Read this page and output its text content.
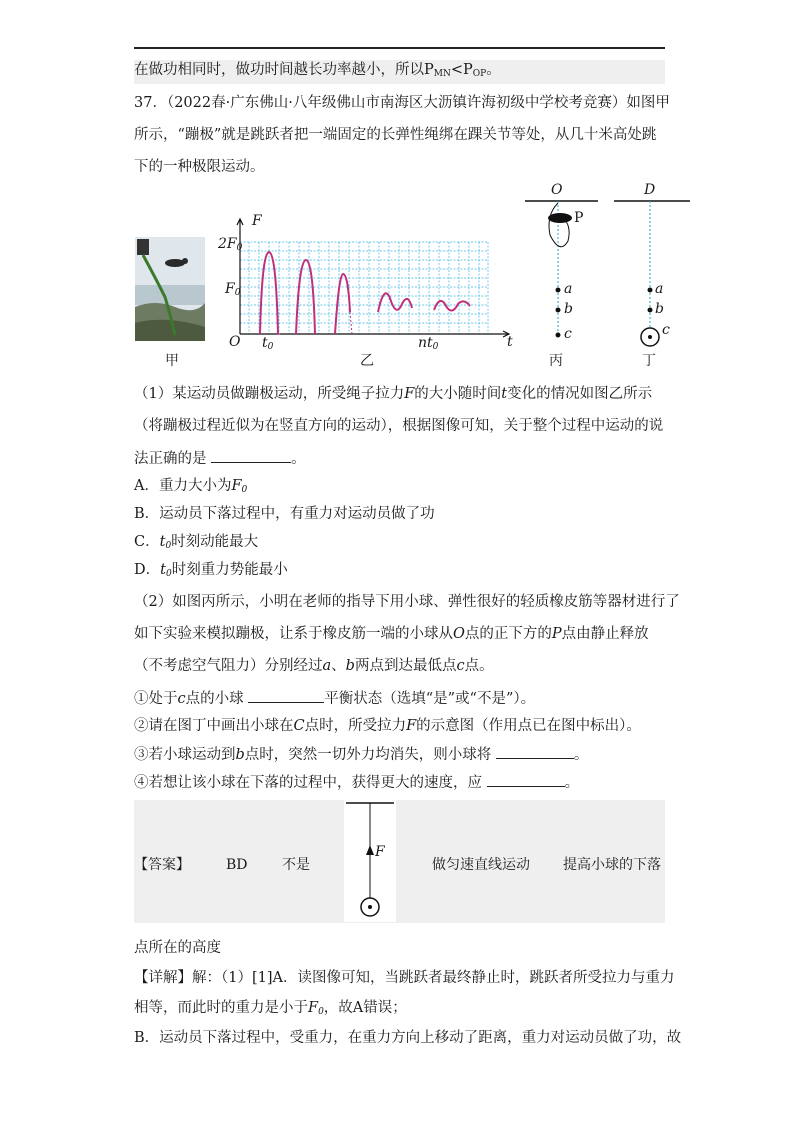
在做功相同时，做功时间越长功率越小，所以$P_{MN}<P_{OP}$。
37．（2022春·广东佛山·八年级佛山市南海区大沥镇许海初级中学校考竞赛）如图甲
所示，“蹦极”就是跳跃者把一端固定的长弹性绳绑在踝关节等处，从几十米高处跳
下的一种极限运动。
甲
F
$2F_0$
$F_0$
O $t_0$	$nt_0$	t
乙
O
P
a
b
c
丙
D
a
b
c
丁
（1）某运动员做蹦极运动，所受绳子拉力F的大小随时间t变化的情况如图乙所示
（将蹦极过程近似为在竖直方向的运动），根据图像可知，关于整个过程中运动的说
法正确的是	。
A．重力大小为$F_0$
B．运动员下落过程中，有重力对运动员做了功
C．$t_0$时刻动能最大
D．$t_0$时刻重力势能最小
（2）如图丙所示，小明在老师的指导下用小球、弹性很好的轻质橡皮筋等器材进行了
如下实验来模拟蹦极，让系于橡皮筋一端的小球从O点的正下方的P点由静止释放
（不考虑空气阻力）分别经过a、b两点到达最低点c点。
①处于c点的小球	平衡状态（选填“是”或“不是”）。
②请在图丁中画出小球在C点时，所受拉力F的示意图（作用点已在图中标出）。
③若小球运动到b点时，突然一切外力均消失，则小球将	。
④若想让该小球在下落的过程中，获得更大的速度，应	。
【答案】	BD 不是
F
做匀速直线运动 提高小球的下落
点所在的高度
【详解】解：（1）[1]A．读图像可知，当跳跃者最终静止时，跳跃者所受拉力与重力
相等，而此时的重力是小于$F_0$，故A错误；
B．运动员下落过程中，受重力，在重力方向上移动了距离，重力对运动员做了功，故
